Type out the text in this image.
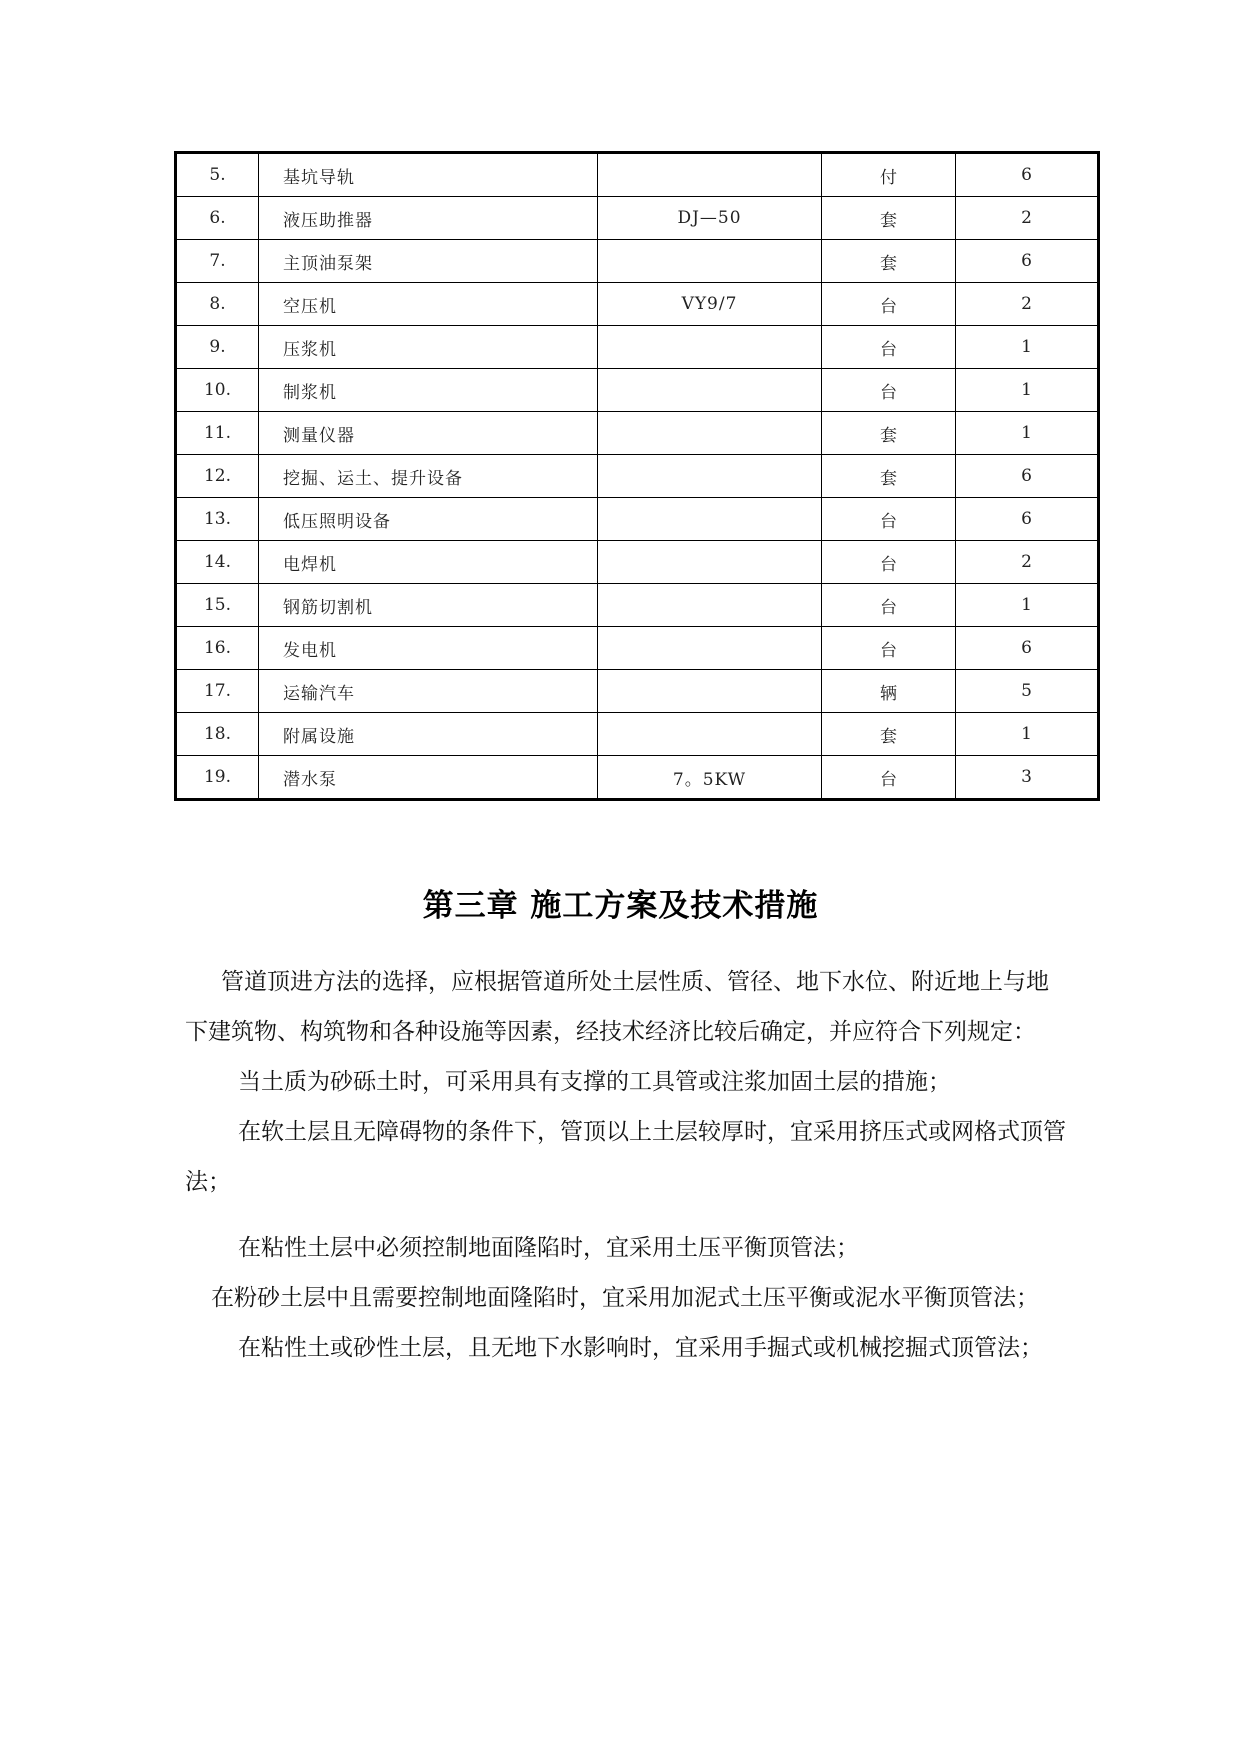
5.	基坑导轨		付	6
6.	液压助推器	DJ—50	套	2
7.	主顶油泵架		套	6
8.	空压机	VY9/7	台	2
9.	压浆机		台	1
10.	制浆机		台	1
11.	测量仪器		套	1
12.	挖掘、运土、提升设备		套	6
13.	低压照明设备		台	6
14.	电焊机		台	2
15.	钢筋切割机		台	1
16.	发电机		台	6
17.	运输汽车		辆	5
18.	附属设施		套	1
19.	潜水泵	7。5KW	台	3
第三章 施工方案及技术措施

管道顶进方法的选择，应根据管道所处土层性质、管径、地下水位、附近地上与地

下建筑物、构筑物和各种设施等因素，经技术经济比较后确定，并应符合下列规定：

当土质为砂砾土时，可采用具有支撑的工具管或注浆加固土层的措施；

在软土层且无障碍物的条件下，管顶以上土层较厚时，宜采用挤压式或网格式顶管

法；

在粘性土层中必须控制地面隆陷时，宜采用土压平衡顶管法；

在粉砂土层中且需要控制地面隆陷时，宜采用加泥式土压平衡或泥水平衡顶管法；

在粘性土或砂性土层，且无地下水影响时，宜采用手掘式或机械挖掘式顶管法；
